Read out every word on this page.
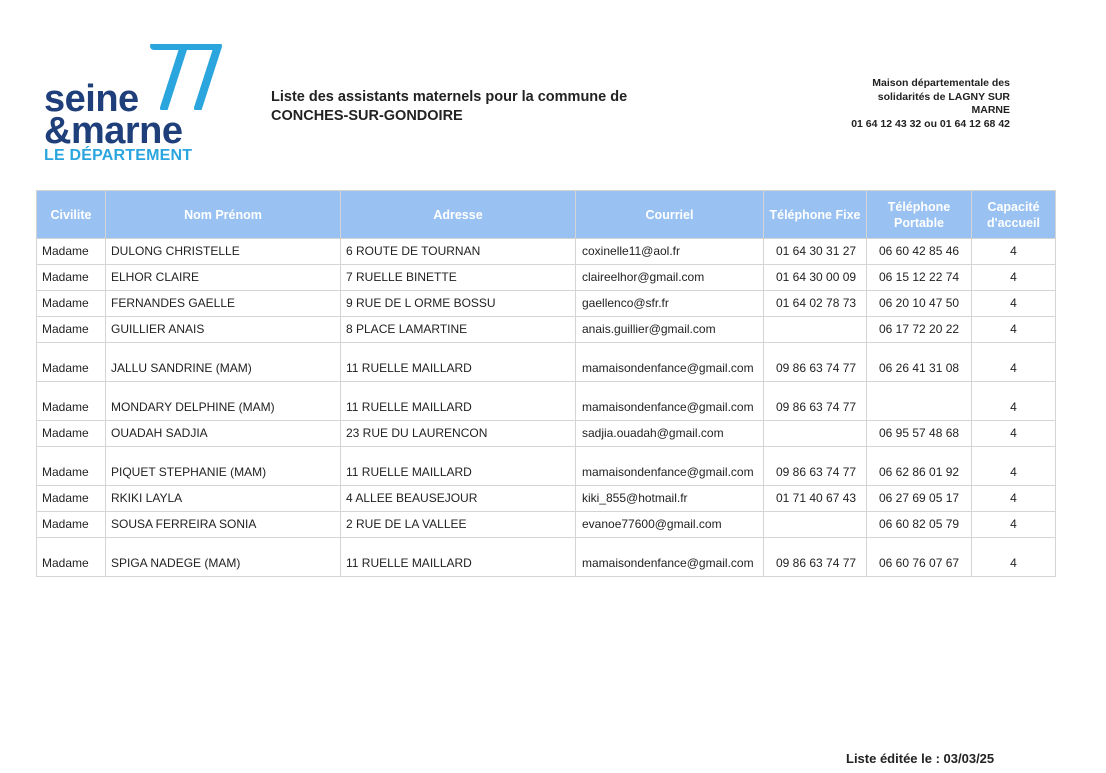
seine
&marne
LE DÉPARTEMENT
Liste des assistants maternels pour la commune de
CONCHES-SUR-GONDOIRE
Maison départementale des
solidarités de LAGNY SUR
MARNE
01 64 12 43 32 ou 01 64 12 68 42
Civilite	Nom Prénom	Adresse	Courriel	Téléphone Fixe	Téléphone Portable	Capacité d'accueil
Madame	DULONG CHRISTELLE	6 ROUTE DE TOURNAN	coxinelle11@aol.fr	01 64 30 31 27	06 60 42 85 46	4
Madame	ELHOR CLAIRE	7 RUELLE BINETTE	claireelhor@gmail.com	01 64 30 00 09	06 15 12 22 74	4
Madame	FERNANDES GAELLE	9 RUE DE L ORME BOSSU	gaellenco@sfr.fr	01 64 02 78 73	06 20 10 47 50	4
Madame	GUILLIER ANAIS	8 PLACE LAMARTINE	anais.guillier@gmail.com		06 17 72 20 22	4
Madame	JALLU SANDRINE (MAM)	11 RUELLE MAILLARD	mamaisondenfance@gmail.com	09 86 63 74 77	06 26 41 31 08	4
Madame	MONDARY DELPHINE (MAM)	11 RUELLE MAILLARD	mamaisondenfance@gmail.com	09 86 63 74 77		4
Madame	OUADAH SADJIA	23 RUE DU LAURENCON	sadjia.ouadah@gmail.com		06 95 57 48 68	4
Madame	PIQUET STEPHANIE (MAM)	11 RUELLE MAILLARD	mamaisondenfance@gmail.com	09 86 63 74 77	06 62 86 01 92	4
Madame	RKIKI LAYLA	4 ALLEE BEAUSEJOUR	kiki_855@hotmail.fr	01 71 40 67 43	06 27 69 05 17	4
Madame	SOUSA FERREIRA SONIA	2 RUE DE LA VALLEE	evanoe77600@gmail.com		06 60 82 05 79	4
Madame	SPIGA NADEGE (MAM)	11 RUELLE MAILLARD	mamaisondenfance@gmail.com	09 86 63 74 77	06 60 76 07 67	4
Liste éditée le : 03/03/25
